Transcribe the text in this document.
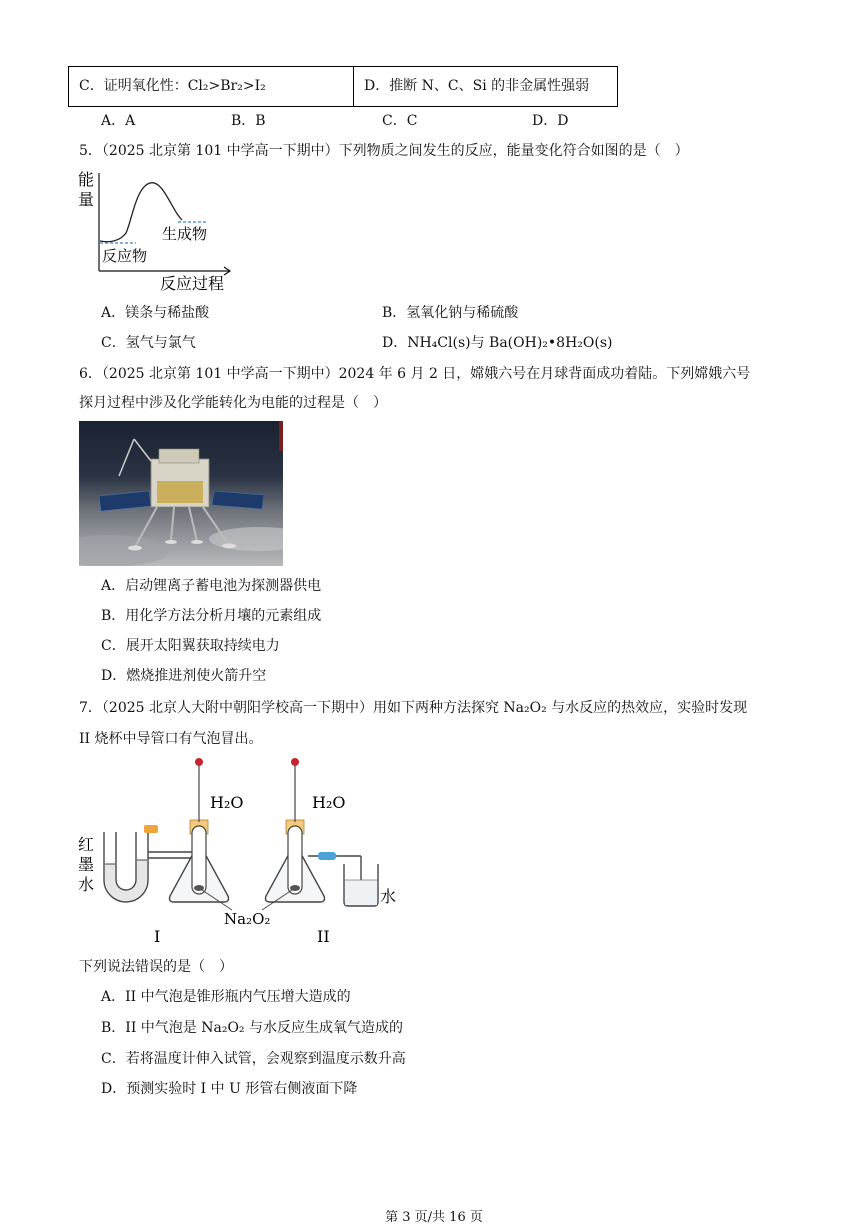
C．证明氧化性：Cl₂>Br₂>I₂	D．推断 N、C、Si 的非金属性强弱
A．A	B．B	C．C	D．D
5．（2025 北京第 101 中学高一下期中）下列物质之间发生的反应，能量变化符合如图的是（　）
能
量
生成物
反应物
反应过程
A．镁条与稀盐酸	B．氢氧化钠与稀硫酸
C．氢气与氯气	D．NH₄Cl(s)与 Ba(OH)₂•8H₂O(s)
6．（2025 北京第 101 中学高一下期中）2024 年 6 月 2 日，嫦娥六号在月球背面成功着陆。下列嫦娥六号
探月过程中涉及化学能转化为电能的过程是（　）
A．启动锂离子蓄电池为探测器供电
B．用化学方法分析月壤的元素组成
C．展开太阳翼获取持续电力
D．燃烧推进剂使火箭升空
7．（2025 北京人大附中朝阳学校高一下期中）用如下两种方法探究 Na₂O₂ 与水反应的热效应，实验时发现
II 烧杯中导管口有气泡冒出。
红
墨
水
H₂O	H₂O
水
Na₂O₂
I	II
下列说法错误的是（　）
A．II 中气泡是锥形瓶内气压增大造成的
B．II 中气泡是 Na₂O₂ 与水反应生成氧气造成的
C．若将温度计伸入试管，会观察到温度示数升高
D．预测实验时 I 中 U 形管右侧液面下降
第 3 页/共 16 页
